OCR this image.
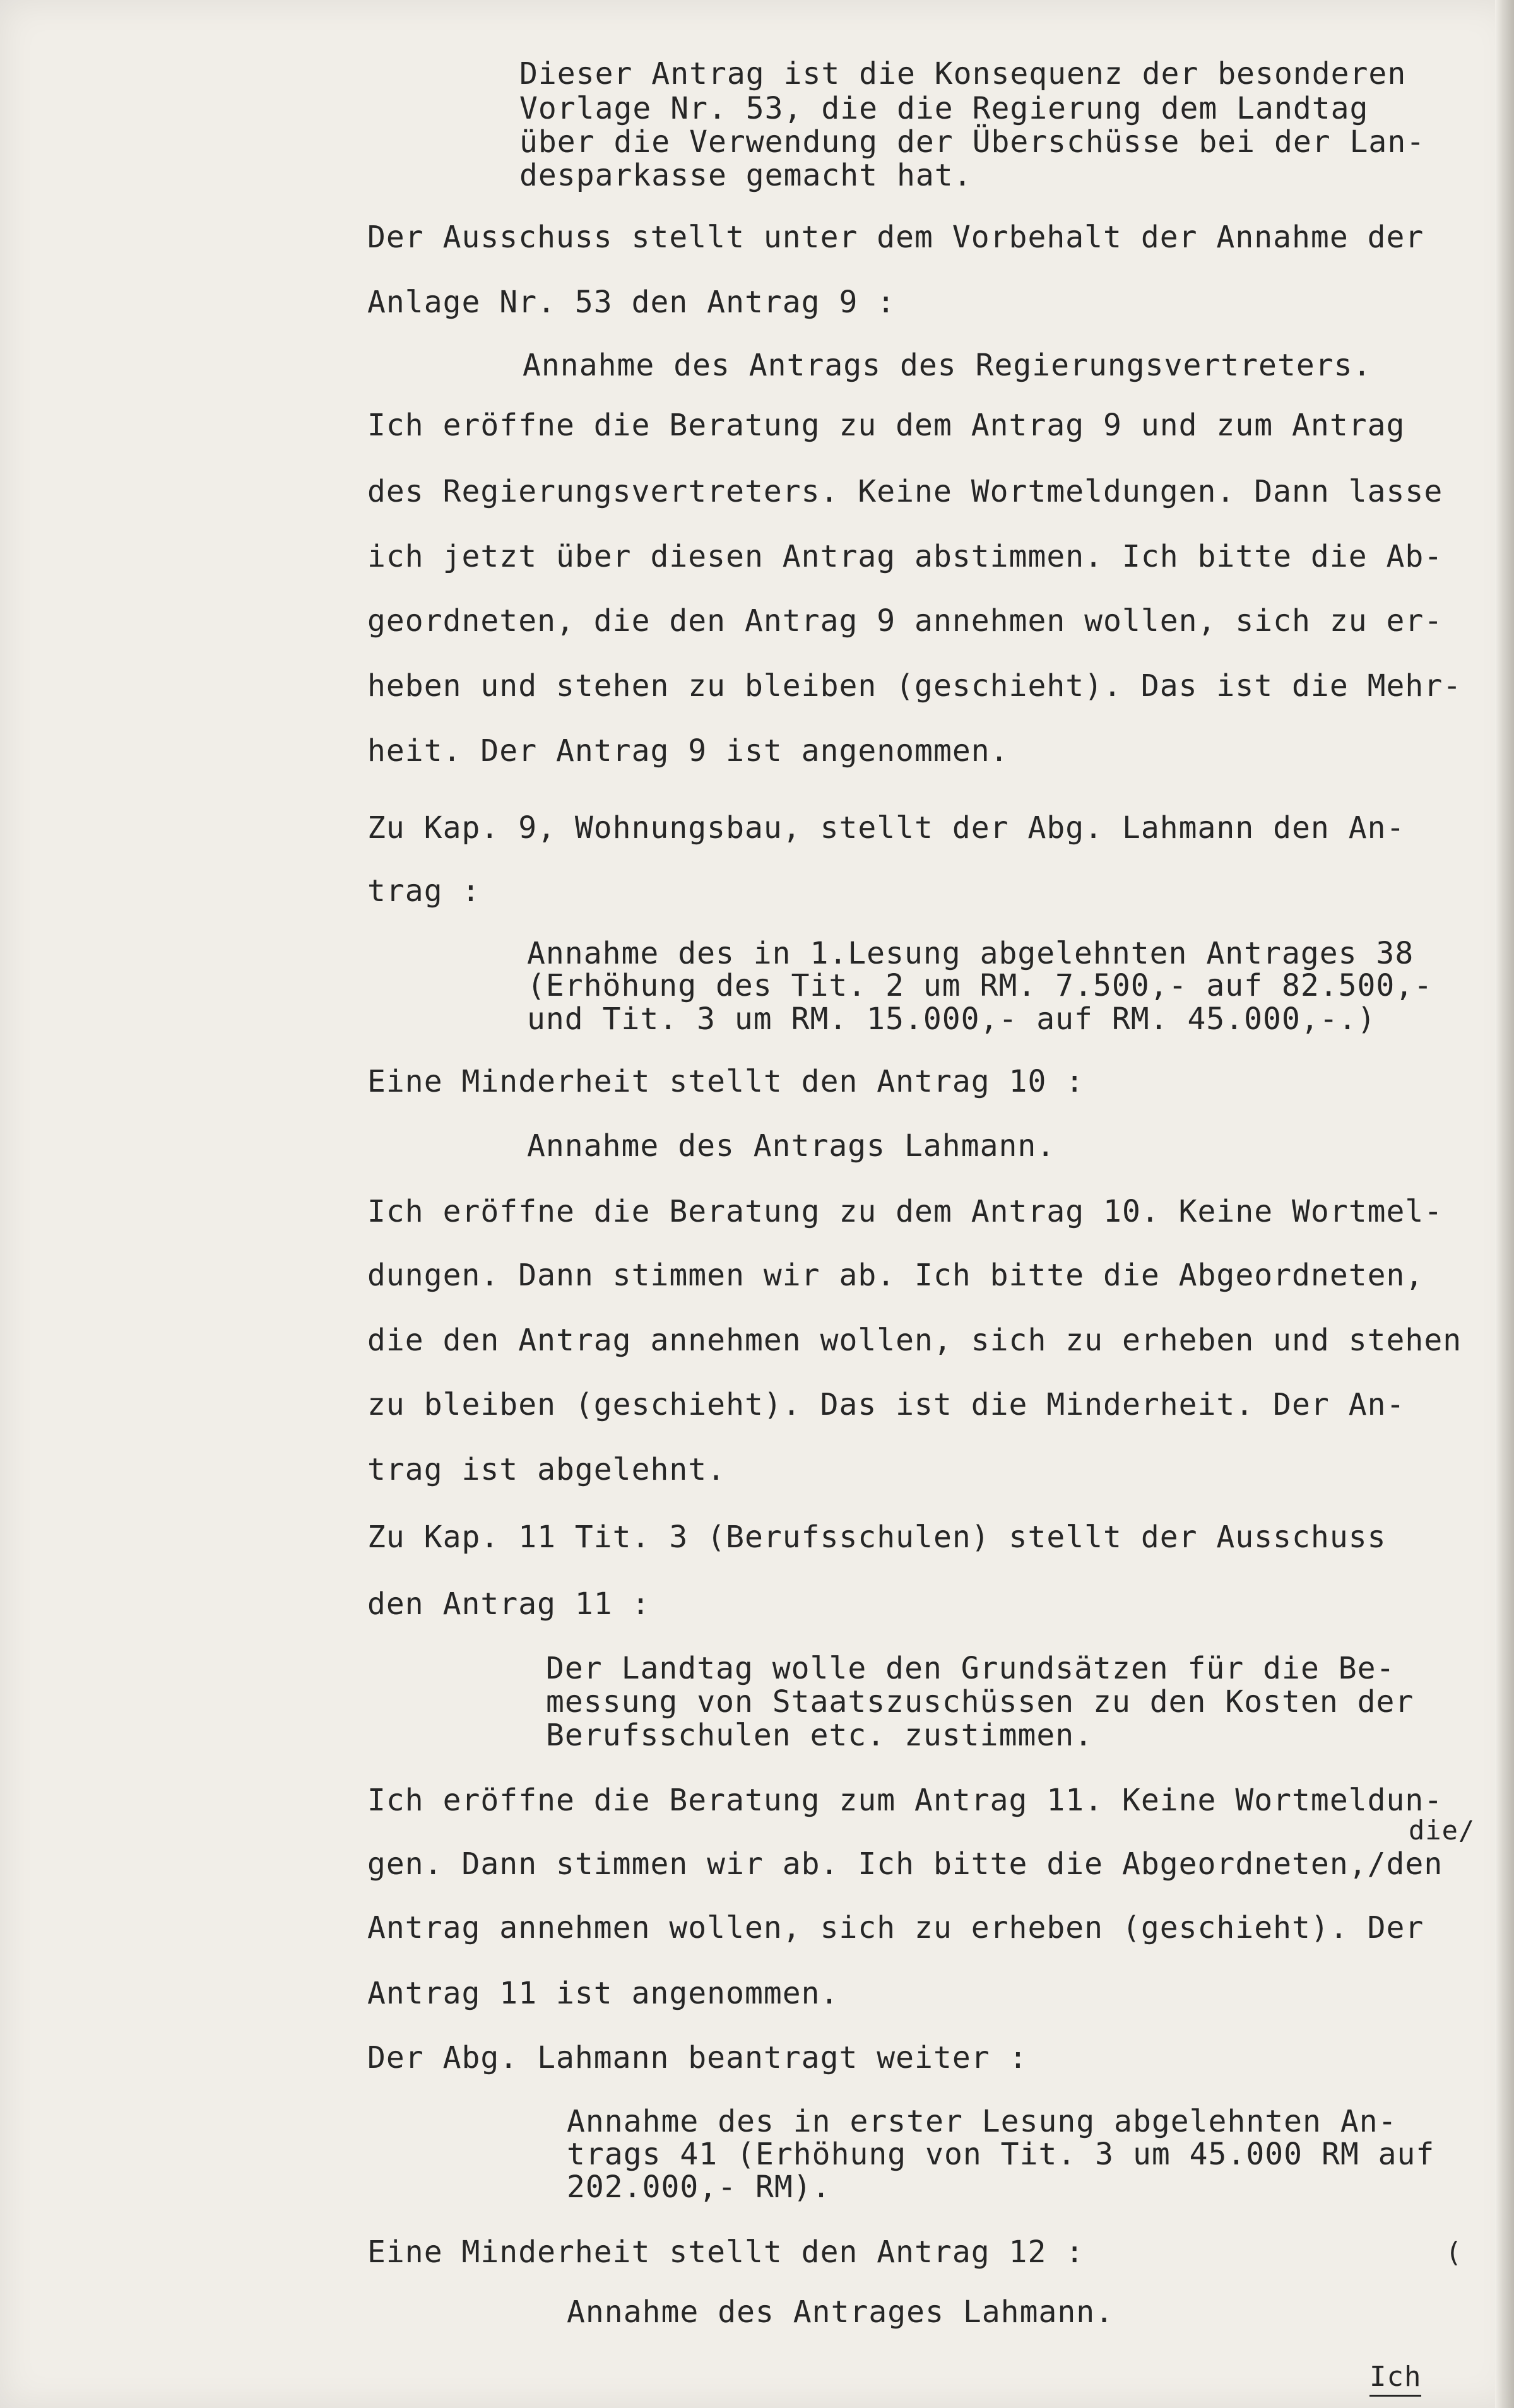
Dieser Antrag ist die Konsequenz der besonderen
Vorlage Nr. 53, die die Regierung dem Landtag
über die Verwendung der Überschüsse bei der Lan-
desparkasse gemacht hat.
Der Ausschuss stellt unter dem Vorbehalt der Annahme der
Anlage Nr. 53 den Antrag 9 :
Annahme des Antrags des Regierungsvertreters.
Ich eröffne die Beratung zu dem Antrag 9 und zum Antrag
des Regierungsvertreters. Keine Wortmeldungen. Dann lasse
ich jetzt über diesen Antrag abstimmen. Ich bitte die Ab-
geordneten, die den Antrag 9 annehmen wollen, sich zu er-
heben und stehen zu bleiben (geschieht). Das ist die Mehr-
heit. Der Antrag 9 ist angenommen.
Zu Kap. 9, Wohnungsbau, stellt der Abg. Lahmann den An-
trag :
Annahme des in 1.Lesung abgelehnten Antrages 38
(Erhöhung des Tit. 2 um RM. 7.500,- auf 82.500,-
und Tit. 3 um RM. 15.000,- auf RM. 45.000,-.)
Eine Minderheit stellt den Antrag 10 :
Annahme des Antrags Lahmann.
Ich eröffne die Beratung zu dem Antrag 10. Keine Wortmel-
dungen. Dann stimmen wir ab. Ich bitte die Abgeordneten,
die den Antrag annehmen wollen, sich zu erheben und stehen
zu bleiben (geschieht). Das ist die Minderheit. Der An-
trag ist abgelehnt.
Zu Kap. 11 Tit. 3 (Berufsschulen) stellt der Ausschuss
den Antrag 11 :
Der Landtag wolle den Grundsätzen für die Be-
messung von Staatszuschüssen zu den Kosten der
Berufsschulen etc. zustimmen.
Ich eröffne die Beratung zum Antrag 11. Keine Wortmeldun-
die/
gen. Dann stimmen wir ab. Ich bitte die Abgeordneten,/den
Antrag annehmen wollen, sich zu erheben (geschieht). Der
Antrag 11 ist angenommen.
Der Abg. Lahmann beantragt weiter :
Annahme des in erster Lesung abgelehnten An-
trags 41 (Erhöhung von Tit. 3 um 45.000 RM auf
202.000,- RM).
Eine Minderheit stellt den Antrag 12 :	(
Annahme des Antrages Lahmann.
Ich
